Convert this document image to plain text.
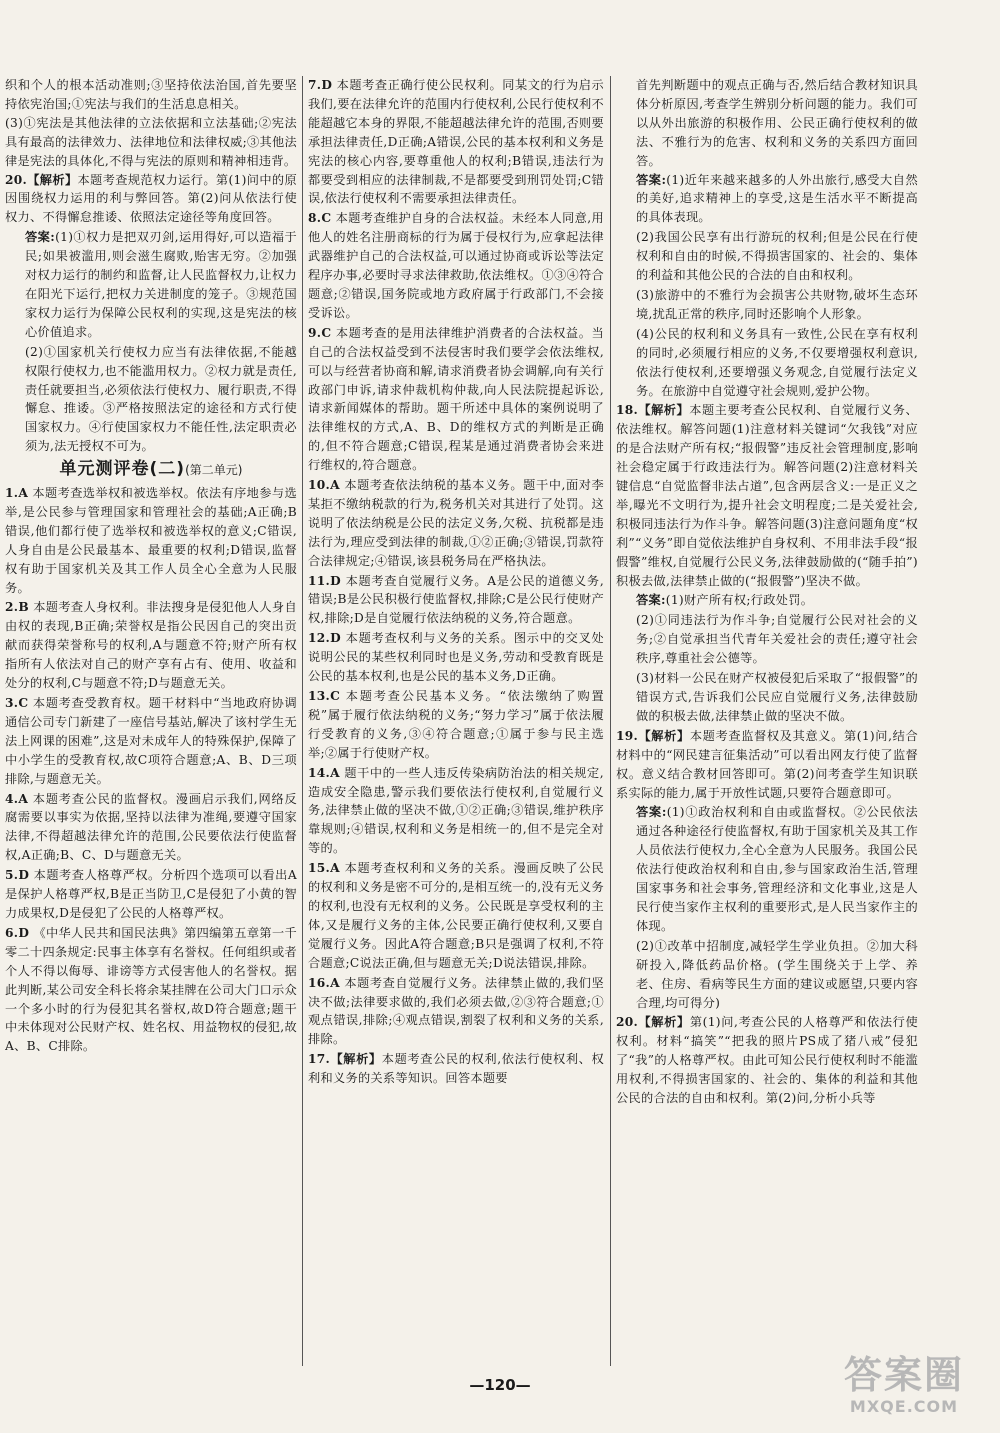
织和个人的根本活动准则;③坚持依法治国,首先要坚持依宪治国;①宪法与我们的生活息息相关。

(3)①宪法是其他法律的立法依据和立法基础;②宪法具有最高的法律效力、法律地位和法律权威;③其他法律是宪法的具体化,不得与宪法的原则和精神相违背。

20.【解析】本题考查规范权力运行。第(1)问中的原因围绕权力运用的利与弊回答。第(2)问从依法行使权力、不得懈怠推诿、依照法定途径等角度回答。
答案:(1)①权力是把双刃剑,运用得好,可以造福于民;如果被滥用,则会滋生腐败,贻害无穷。②加强对权力运行的制约和监督,让人民监督权力,让权力在阳光下运行,把权力关进制度的笼子。③规范国家权力运行为保障公民权利的实现,这是宪法的核心价值追求。
(2)①国家机关行使权力应当有法律依据,不能越权限行使权力,也不能滥用权力。②权力就是责任,责任就要担当,必须依法行使权力、履行职责,不得懈怠、推诿。③严格按照法定的途径和方式行使国家权力。④行使国家权力不能任性,法定职责必须为,法无授权不可为。
单元测评卷(二)(第二单元)
1.A 本题考查选举权和被选举权。依法有序地参与选举,是公民参与管理国家和管理社会的基础;A正确;B错误,他们都行使了选举权和被选举权的意义;C错误,人身自由是公民最基本、最重要的权利;D错误,监督权有助于国家机关及其工作人员全心全意为人民服务。
2.B 本题考查人身权利。非法搜身是侵犯他人人身自由权的表现,B正确;荣誉权是指公民因自己的突出贡献而获得荣誉称号的权利,A与题意不符;财产所有权指所有人依法对自己的财产享有占有、使用、收益和处分的权利,C与题意不符;D与题意无关。
3.C 本题考查受教育权。题干材料中“当地政府协调通信公司专门新建了一座信号基站,解决了该村学生无法上网课的困难”,这是对未成年人的特殊保护,保障了中小学生的受教育权,故C项符合题意;A、B、D三项排除,与题意无关。
4.A 本题考查公民的监督权。漫画启示我们,网络反腐需要以事实为依据,坚持以法律为准绳,要遵守国家法律,不得超越法律允许的范围,公民要依法行使监督权,A正确;B、C、D与题意无关。
5.D 本题考查人格尊严权。分析四个选项可以看出A是保护人格尊严权,B是正当防卫,C是侵犯了小黄的智力成果权,D是侵犯了公民的人格尊严权。
6.D 《中华人民共和国民法典》第四编第五章第一千零二十四条规定:民事主体享有名誉权。任何组织或者个人不得以侮辱、诽谤等方式侵害他人的名誉权。据此判断,某公司安全科长将余某挂牌在公司大门口示众一个多小时的行为侵犯其名誉权,故D符合题意;题干中未体现对公民财产权、姓名权、用益物权的侵犯,故A、B、C排除。
7.D 本题考查正确行使公民权利。同某文的行为启示我们,要在法律允许的范围内行使权利,公民行使权利不能超越它本身的界限,不能超越法律允许的范围,否则要承担法律责任,D正确;A错误,公民的基本权利和义务是宪法的核心内容,要尊重他人的权利;B错误,违法行为都要受到相应的法律制裁,不是都要受到刑罚处罚;C错误,依法行使权利不需要承担法律责任。
8.C 本题考查维护自身的合法权益。未经本人同意,用他人的姓名注册商标的行为属于侵权行为,应拿起法律武器维护自己的合法权益,可以通过协商或诉讼等法定程序办事,必要时寻求法律救助,依法维权。①③④符合题意;②错误,国务院或地方政府属于行政部门,不会接受诉讼。
9.C 本题考查的是用法律维护消费者的合法权益。当自己的合法权益受到不法侵害时我们要学会依法维权,可以与经营者协商和解,请求消费者协会调解,向有关行政部门申诉,请求仲裁机构仲裁,向人民法院提起诉讼,请求新闻媒体的帮助。题干所述中具体的案例说明了法律维权的方式,A、B、D的维权方式的判断是正确的,但不符合题意;C错误,程某是通过消费者协会来进行维权的,符合题意。
10.A 本题考查依法纳税的基本义务。题干中,面对李某拒不缴纳税款的行为,税务机关对其进行了处罚。这说明了依法纳税是公民的法定义务,欠税、抗税都是违法行为,理应受到法律的制裁,①②正确;③错误,罚款符合法律规定;④错误,该县税务局在严格执法。
11.D 本题考查自觉履行义务。A是公民的道德义务,错误;B是公民积极行使监督权,排除;C是公民行使财产权,排除;D是自觉履行依法纳税的义务,符合题意。
12.D 本题考查权利与义务的关系。图示中的交叉处说明公民的某些权利同时也是义务,劳动和受教育既是公民的基本权利,也是公民的基本义务,D正确。
13.C 本题考查公民基本义务。“依法缴纳了购置税”属于履行依法纳税的义务;“努力学习”属于依法履行受教育的义务,③④符合题意;①属于参与民主选举;②属于行使财产权。
14.A 题干中的一些人违反传染病防治法的相关规定,造成安全隐患,警示我们要依法行使权利,自觉履行义务,法律禁止做的坚决不做,①②正确;③错误,维护秩序靠规则;④错误,权利和义务是相统一的,但不是完全对等的。
15.A 本题考查权利和义务的关系。漫画反映了公民的权利和义务是密不可分的,是相互统一的,没有无义务的权利,也没有无权利的义务。公民既是享受权利的主体,又是履行义务的主体,公民要正确行使权利,又要自觉履行义务。因此A符合题意;B只是强调了权利,不符合题意;C说法正确,但与题意无关;D说法错误,排除。
16.A 本题考查自觉履行义务。法律禁止做的,我们坚决不做;法律要求做的,我们必须去做,②③符合题意;①观点错误,排除;④观点错误,割裂了权利和义务的关系,排除。
17.【解析】本题考查公民的权利,依法行使权利、权利和义务的关系等知识。回答本题要

首先判断题中的观点正确与否,然后结合教材知识具体分析原因,考查学生辨别分析问题的能力。我们可以从外出旅游的积极作用、公民正确行使权利的做法、不雅行为的危害、权利和义务的关系四方面回答。

答案:(1)近年来越来越多的人外出旅行,感受大自然的美好,追求精神上的享受,这是生活水平不断提高的具体表现。
(2)我国公民享有出行游玩的权利;但是公民在行使权利和自由的时候,不得损害国家的、社会的、集体的利益和其他公民的合法的自由和权利。
(3)旅游中的不雅行为会损害公共财物,破坏生态环境,扰乱正常的秩序,同时还影响个人形象。
(4)公民的权利和义务具有一致性,公民在享有权利的同时,必须履行相应的义务,不仅要增强权利意识,依法行使权利,还要增强义务观念,自觉履行法定义务。在旅游中自觉遵守社会规则,爱护公物。
18.【解析】本题主要考查公民权利、自觉履行义务、依法维权。解答问题(1)注意材料关键词“欠我钱”对应的是合法财产所有权;“报假警”违反社会管理制度,影响社会稳定属于行政违法行为。解答问题(2)注意材料关键信息“自觉监督非法占道”,包含两层含义:一是正义之举,曝光不文明行为,提升社会文明程度;二是关爱社会,积极同违法行为作斗争。解答问题(3)注意问题角度“权利”“义务”即自觉依法维护自身权利、不用非法手段“报假警”维权,自觉履行公民义务,法律鼓励做的(“随手拍”)积极去做,法律禁止做的(“报假警”)坚决不做。
答案:(1)财产所有权;行政处罚。
(2)①同违法行为作斗争;自觉履行公民对社会的义务;②自觉承担当代青年关爱社会的责任;遵守社会秩序,尊重社会公德等。
(3)材料一公民在财产权被侵犯后采取了“报假警”的错误方式,告诉我们公民应自觉履行义务,法律鼓励做的积极去做,法律禁止做的坚决不做。
19.【解析】本题考查监督权及其意义。第(1)问,结合材料中的“网民建言征集活动”可以看出网友行使了监督权。意义结合教材回答即可。第(2)问考查学生知识联系实际的能力,属于开放性试题,只要符合题意即可。
答案:(1)①政治权利和自由或监督权。②公民依法通过各种途径行使监督权,有助于国家机关及其工作人员依法行使权力,全心全意为人民服务。我国公民依法行使政治权利和自由,参与国家政治生活,管理国家事务和社会事务,管理经济和文化事业,这是人民行使当家作主权利的重要形式,是人民当家作主的体现。
(2)①改革中招制度,减轻学生学业负担。②加大科研投入,降低药品价格。(学生围绕关于上学、养老、住房、看病等民生方面的建议或愿望,只要内容合理,均可得分)
20.【解析】第(1)问,考查公民的人格尊严和依法行使权利。材料“搞笑”“把我的照片PS成了猪八戒”侵犯了“我”的人格尊严权。由此可知公民行使权利时不能滥用权利,不得损害国家的、社会的、集体的利益和其他公民的合法的自由和权利。第(2)问,分析小兵等
—120—	答案圈
MXQE.COM
